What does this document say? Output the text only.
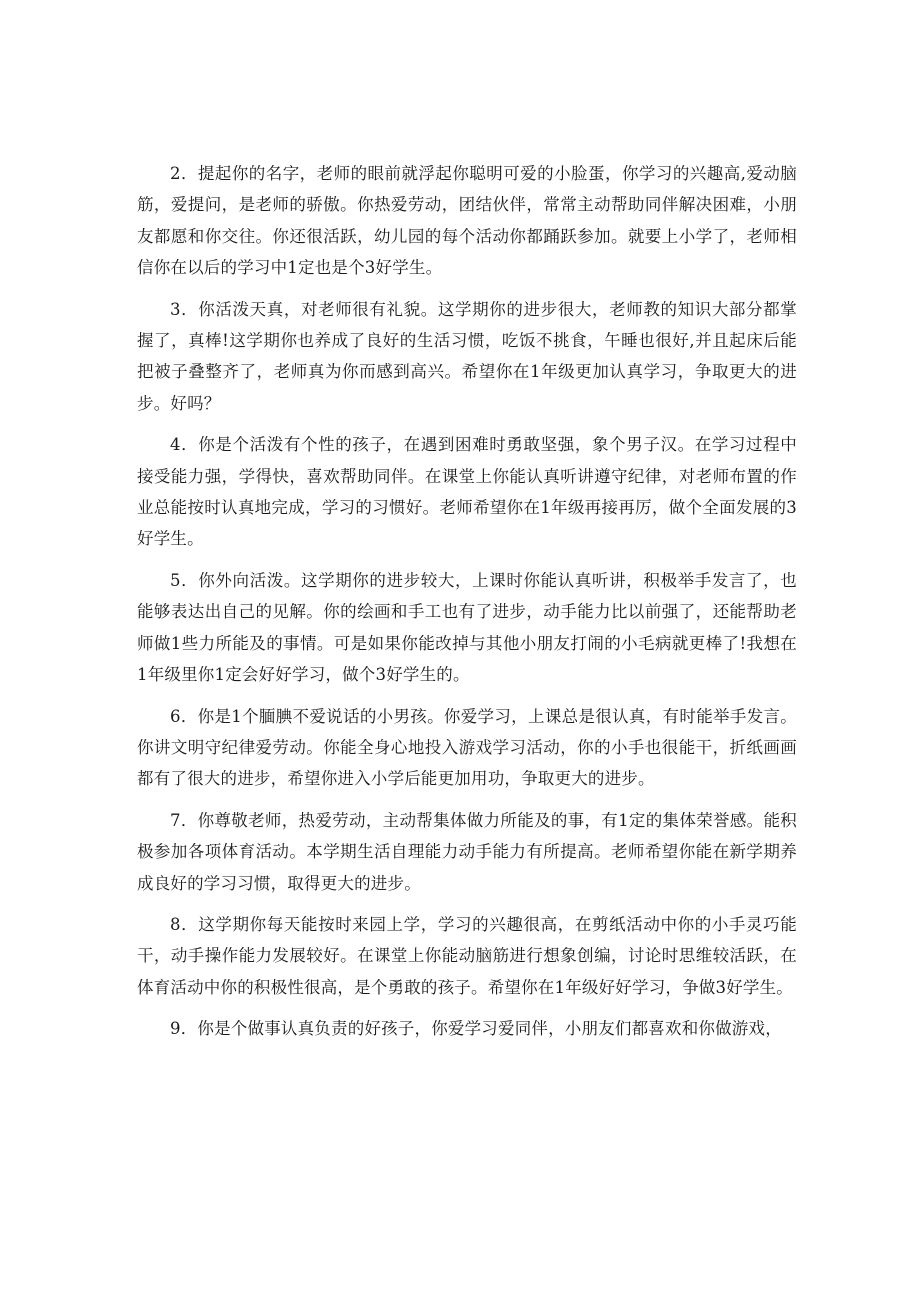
2．提起你的名字，老师的眼前就浮起你聪明可爱的小脸蛋，你学习的兴趣高,爱动脑筋，爱提问，是老师的骄傲。你热爱劳动，团结伙伴，常常主动帮助同伴解决困难，小朋友都愿和你交往。你还很活跃，幼儿园的每个活动你都踊跃参加。就要上小学了，老师相信你在以后的学习中1定也是个3好学生。

3．你活泼天真，对老师很有礼貌。这学期你的进步很大，老师教的知识大部分都掌握了，真棒!这学期你也养成了良好的生活习惯，吃饭不挑食，午睡也很好,并且起床后能把被子叠整齐了，老师真为你而感到高兴。希望你在1年级更加认真学习，争取更大的进步。好吗？

4．你是个活泼有个性的孩子，在遇到困难时勇敢坚强，象个男子汉。在学习过程中接受能力强，学得快，喜欢帮助同伴。在课堂上你能认真听讲遵守纪律，对老师布置的作业总能按时认真地完成，学习的习惯好。老师希望你在1年级再接再厉，做个全面发展的3好学生。

5．你外向活泼。这学期你的进步较大，上课时你能认真听讲，积极举手发言了，也能够表达出自己的见解。你的绘画和手工也有了进步，动手能力比以前强了，还能帮助老师做1些力所能及的事情。可是如果你能改掉与其他小朋友打闹的小毛病就更棒了!我想在1年级里你1定会好好学习，做个3好学生的。

6．你是1个腼腆不爱说话的小男孩。你爱学习，上课总是很认真，有时能举手发言。你讲文明守纪律爱劳动。你能全身心地投入游戏学习活动，你的小手也很能干，折纸画画都有了很大的进步，希望你进入小学后能更加用功，争取更大的进步。

7．你尊敬老师，热爱劳动，主动帮集体做力所能及的事，有1定的集体荣誉感。能积极参加各项体育活动。本学期生活自理能力动手能力有所提高。老师希望你能在新学期养成良好的学习习惯，取得更大的进步。

8．这学期你每天能按时来园上学，学习的兴趣很高，在剪纸活动中你的小手灵巧能干，动手操作能力发展较好。在课堂上你能动脑筋进行想象创编，讨论时思维较活跃，在体育活动中你的积极性很高，是个勇敢的孩子。希望你在1年级好好学习，争做3好学生。

9．你是个做事认真负责的好孩子，你爱学习爱同伴，小朋友们都喜欢和你做游戏，
